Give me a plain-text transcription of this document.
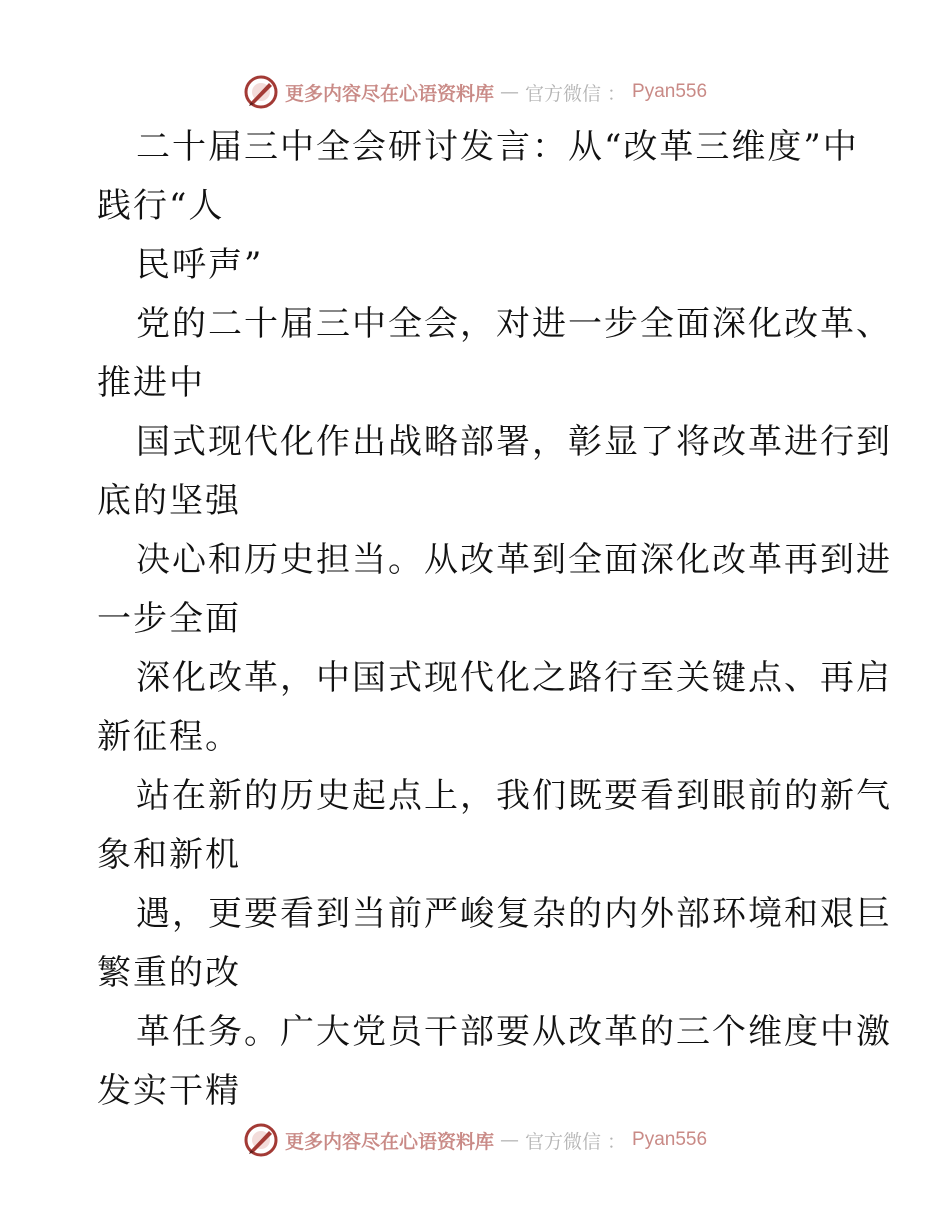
更多内容尽在心语资料库 — 官方微信 ： Pyan556
二十届三中全会研讨发言：从“改革三维度”中
践行“人
民呼声”
党的二十届三中全会，对进一步全面深化改革、
推进中
国式现代化作出战略部署，彰显了将改革进行到
底的坚强
决心和历史担当。从改革到全面深化改革再到进
一步全面
深化改革，中国式现代化之路行至关键点、再启
新征程。
站在新的历史起点上，我们既要看到眼前的新气
象和新机
遇，更要看到当前严峻复杂的内外部环境和艰巨
繁重的改
革任务。广大党员干部要从改革的三个维度中激
发实干精
更多内容尽在心语资料库 — 官方微信 ： Pyan556
